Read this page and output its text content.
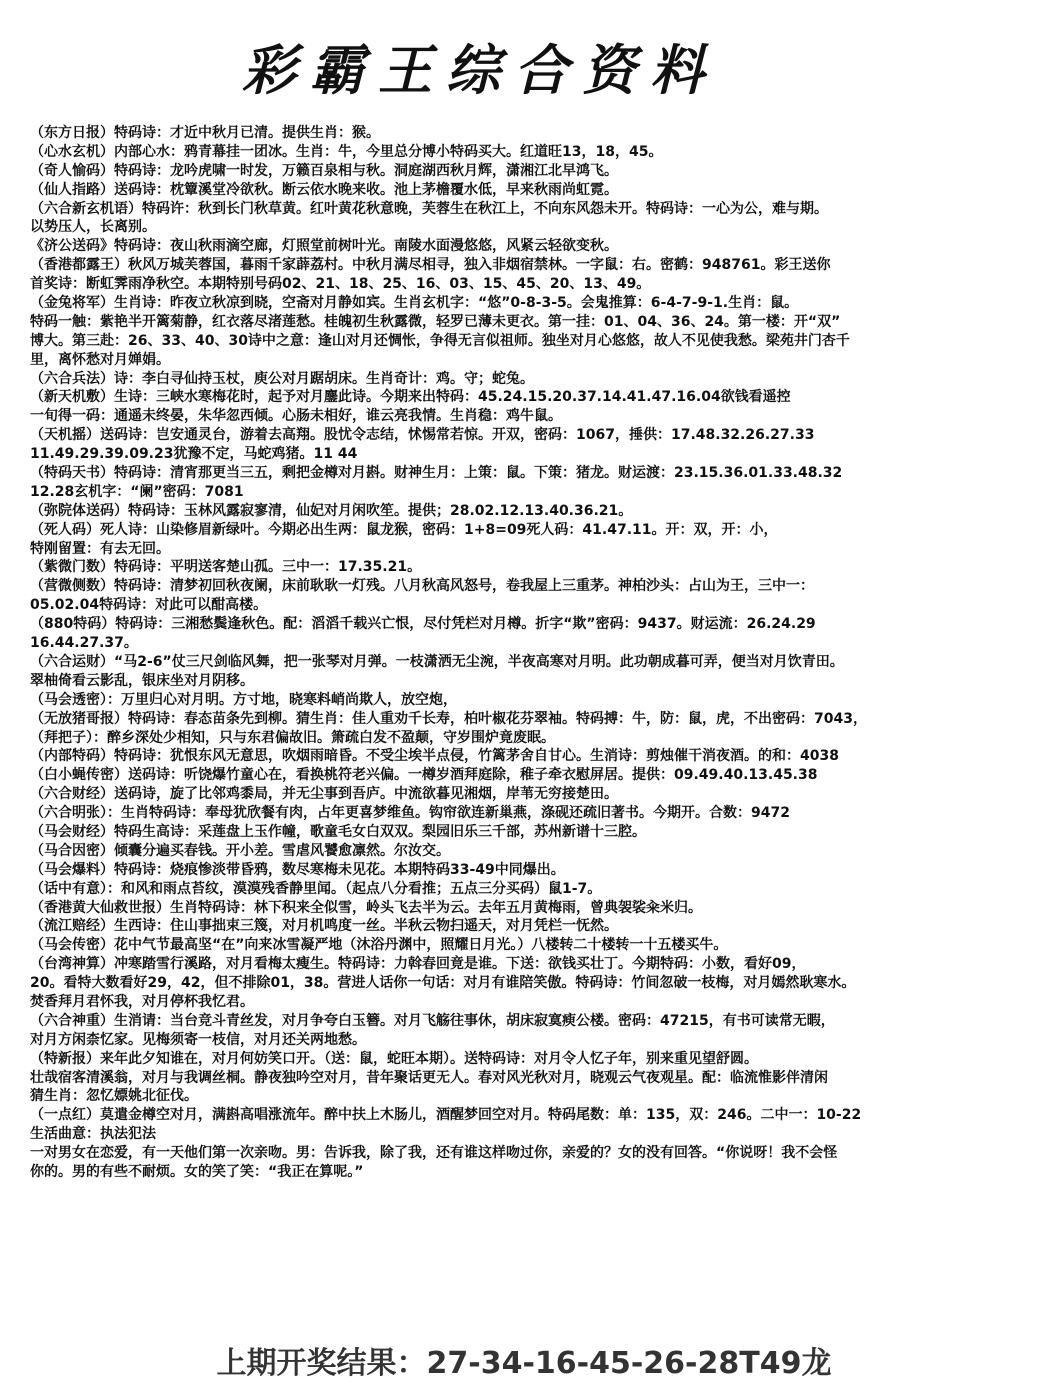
彩霸王综合资料
（东方日报）特码诗：才近中秋月已清。提供生肖：猴。
（心水玄机）内部心水：鸦青幕挂一团冰。生肖：牛，今里总分博小特码买大。红道旺13，18，45。
（奇人愉码）特码诗：龙吟虎啸一时发，万籁百泉相与秋。洞庭湖西秋月辉，潇湘江北早鸿飞。
（仙人指路）送码诗：枕簟溪堂冷欲秋。断云依水晚来收。池上茅檐覆水低，早来秋雨尚虹霓。
（六合新玄机语）特码许：秋到长门秋草黄。红叶黄花秋意晚，芙蓉生在秋江上，不向东风怨未开。特码诗：一心为公，难与期。
以势压人，长离别。
《济公送码》特码诗：夜山秋雨滴空廊，灯照堂前树叶光。南陵水面漫悠悠，风紧云轻欲变秋。
（香港都露王）秋风万城芙蓉国，暮雨千家薜荔村。中秋月满尽相寻，独入非烟宿禁林。一字鼠：右。密鹤：948761。彩王送你
首奖诗：断虹霁雨净秋空。本期特别号码02、21、18、25、16、03、15、45、20、13、49。
（金兔将军）生肖诗：昨夜立秋凉到晓，空斋对月静如宾。生肖玄机字：“悠”0-8-3-5。会鬼推算：6-4-7-9-1.生肖：鼠。
特码一触：紫艳半开篱菊静，红衣落尽渚莲愁。桂魄初生秋露微，轻罗已薄未更衣。第一挂：01、04、36、24。第一楼：开“双”
博大。第三赴：26、33、40、30诗中之意：逢山对月还惆怅，争得无言似祖师。独坐对月心悠悠，故人不见使我愁。梁苑井门杏千
里，离怀愁对月婵娟。
（六合兵法）诗：李白寻仙持玉杖，庾公对月踞胡床。生肖奇计：鸡。守；蛇兔。
（新天机敷）生诗：三峡水寒梅花时，起予对月鏖此诗。今期来出特码：45.24.15.20.37.14.41.47.16.04欲钱看遥控
一旬得一码：通遥未终晏，朱华忽西倾。心肠未相好，谁云亮我情。生肖稳：鸡牛鼠。
（天机摇）送码诗：岂安通灵台，游着去高翔。股忧令志结，怵惕常若惊。开双，密码：1067，捶供：17.48.32.26.27.33
11.49.29.39.09.23犹豫不定，马蛇鸡猪。11 44
（特码天书）特码诗：清宵那更当三五，剩把金樽对月斟。财神生月：上策：鼠。下策：猪龙。财运渡：23.15.36.01.33.48.32
12.28玄机字：“阑”密码：7081
（弥院体送码）特码诗：玉林风露寂寥清，仙妃对月闲吹笙。提供；28.02.12.13.40.36.21。
（死人码）死人诗：山染修眉新绿叶。今期必出生两：鼠龙猴，密码：1+8=09死人码：41.47.11。开：双，开：小，
特刚留置：有去无回。
（紫微门数）特码诗：平明送客楚山孤。三中一：17.35.21。
（营微侧数）特码诗：清梦初回秋夜阑，床前耿耿一灯残。八月秋高风怒号，卷我屋上三重茅。神柏沙头：占山为王，三中一：
05.02.04特码诗：对此可以酣高楼。
（880特码）特码诗：三湘愁鬓逢秋色。配：滔滔千载兴亡恨，尽付凭栏对月樽。折字“欺”密码：9437。财运流：26.24.29
16.44.27.37。
（六合运财）“马2-6”仗三尺剑临风舞，把一张琴对月弹。一枝潇洒无尘涴，半夜高寒对月明。此功朝成暮可弄，便当对月饮青田。
翠柚倚看云影乱，银床坐对月阴移。
（马会透密）：万里归心对月明。方寸地，晓寒料峭尚欺人，放空炮，
（无放猪哥报）特码诗：春态苗条先到柳。猜生肖：佳人重劝千长寿，柏叶椒花芬翠袖。特码搏：牛，防：鼠，虎，不出密码：7043，
（拜把子）：醉乡深处少相知，只与东君偏故旧。箫疏白发不盈颠，守岁围炉竟废眠。
（内部特码）特码诗：犹恨东风无意思，吹烟雨暗昏。不受尘埃半点侵，竹篱茅舍自甘心。生消诗：剪烛催干消夜酒。的和：4038
（白小蝇传密）送码诗：听饶爆竹童心在，看换桃符老兴偏。一樽岁酒拜庭除，稚子牵衣慰屏居。提供：09.49.40.13.45.38
（六合财经）送码诗，旋了比邻鸡黍局，并无尘事到吾庐。中流欲暮见湘烟，岸苇无穷接楚田。
（六合明张）：生肖特码诗：奉母犹欣餐有肉，占年更喜梦维鱼。钩帘欲连新巢燕，涤砚还疏旧著书。今期开。合数：9472
（马会财经）特码生高诗：采莲盘上玉作幢，歌童毛女白双双。梨园旧乐三千部，苏州新谱十三腔。
（马合因密）倾囊分遍买春钱。开小差。雪虐风饕愈凛然。尔汝交。
（马会爆料）特码诗：烧痕惨淡带昏鸦，数尽寒梅未见花。本期特码33-49中同爆出。
（话中有意）：和风和雨点苔纹，漠漠残香静里闻。（起点八分看推；五点三分买码）鼠1-7。
（香港黄大仙救世报）生肖特码诗：林下积来全似雪，岭头飞去半为云。去年五月黄梅雨，曾典袈裟籴米归。
（流江赔经）生西诗：住山事拙束三篾，对月机鸣度一丝。半秋云物扫遥天，对月凭栏一怃然。
（马会传密）花中气节最高坚“在”向来冰雪凝严地（沐浴丹渊中，照耀日月光。）八楼转二十楼转一十五楼买牛。
（台湾神算）冲寒踏雪行溪路，对月看梅太瘦生。特码诗：力斡春回竟是谁。下送：欲钱买壮丁。今期特码：小数，看好09，
20。看特大数看好29，42，但不排除01，38。营进人话你一句话：对月有谁陪笑傲。特码诗：竹间忽破一枝梅，对月嫣然耿寒水。
焚香拜月君怀我，对月停杯我忆君。
（六合神重）生消请：当台竞斗青丝发，对月争夸白玉簪。对月飞觞往事休，胡床寂寞瘐公楼。密码：47215，有书可读常无暇，
对月方闲柰忆家。见梅须寄一枝信，对月还关两地愁。
（特新报）来年此夕知谁在，对月何妨笑口开。（送：鼠，蛇旺本期）。送特码诗：对月令人忆子年，别来重见望舒圆。
壮哉宿客清溪翁，对月与我调丝桐。静夜独吟空对月，昔年聚话更无人。春对风光秋对月，晓观云气夜观星。配：临流惟影伴清闲
猜生肖：忽忆嫖姚北征伐。
（一点红）莫遣金樽空对月，满斟高唱涨流年。醉中扶上木肠儿，酒醒梦回空对月。特码尾数：单：135，双：246。二中一：10-22
生活曲意：执法犯法
一对男女在恋爱，有一天他们第一次亲吻。男：告诉我，除了我，还有谁这样吻过你，亲爱的？女的没有回答。“你说呀！我不会怪
你的。男的有些不耐烦。女的笑了笑：“我正在算呢。”
上期开奖结果：27-34-16-45-26-28T49龙
